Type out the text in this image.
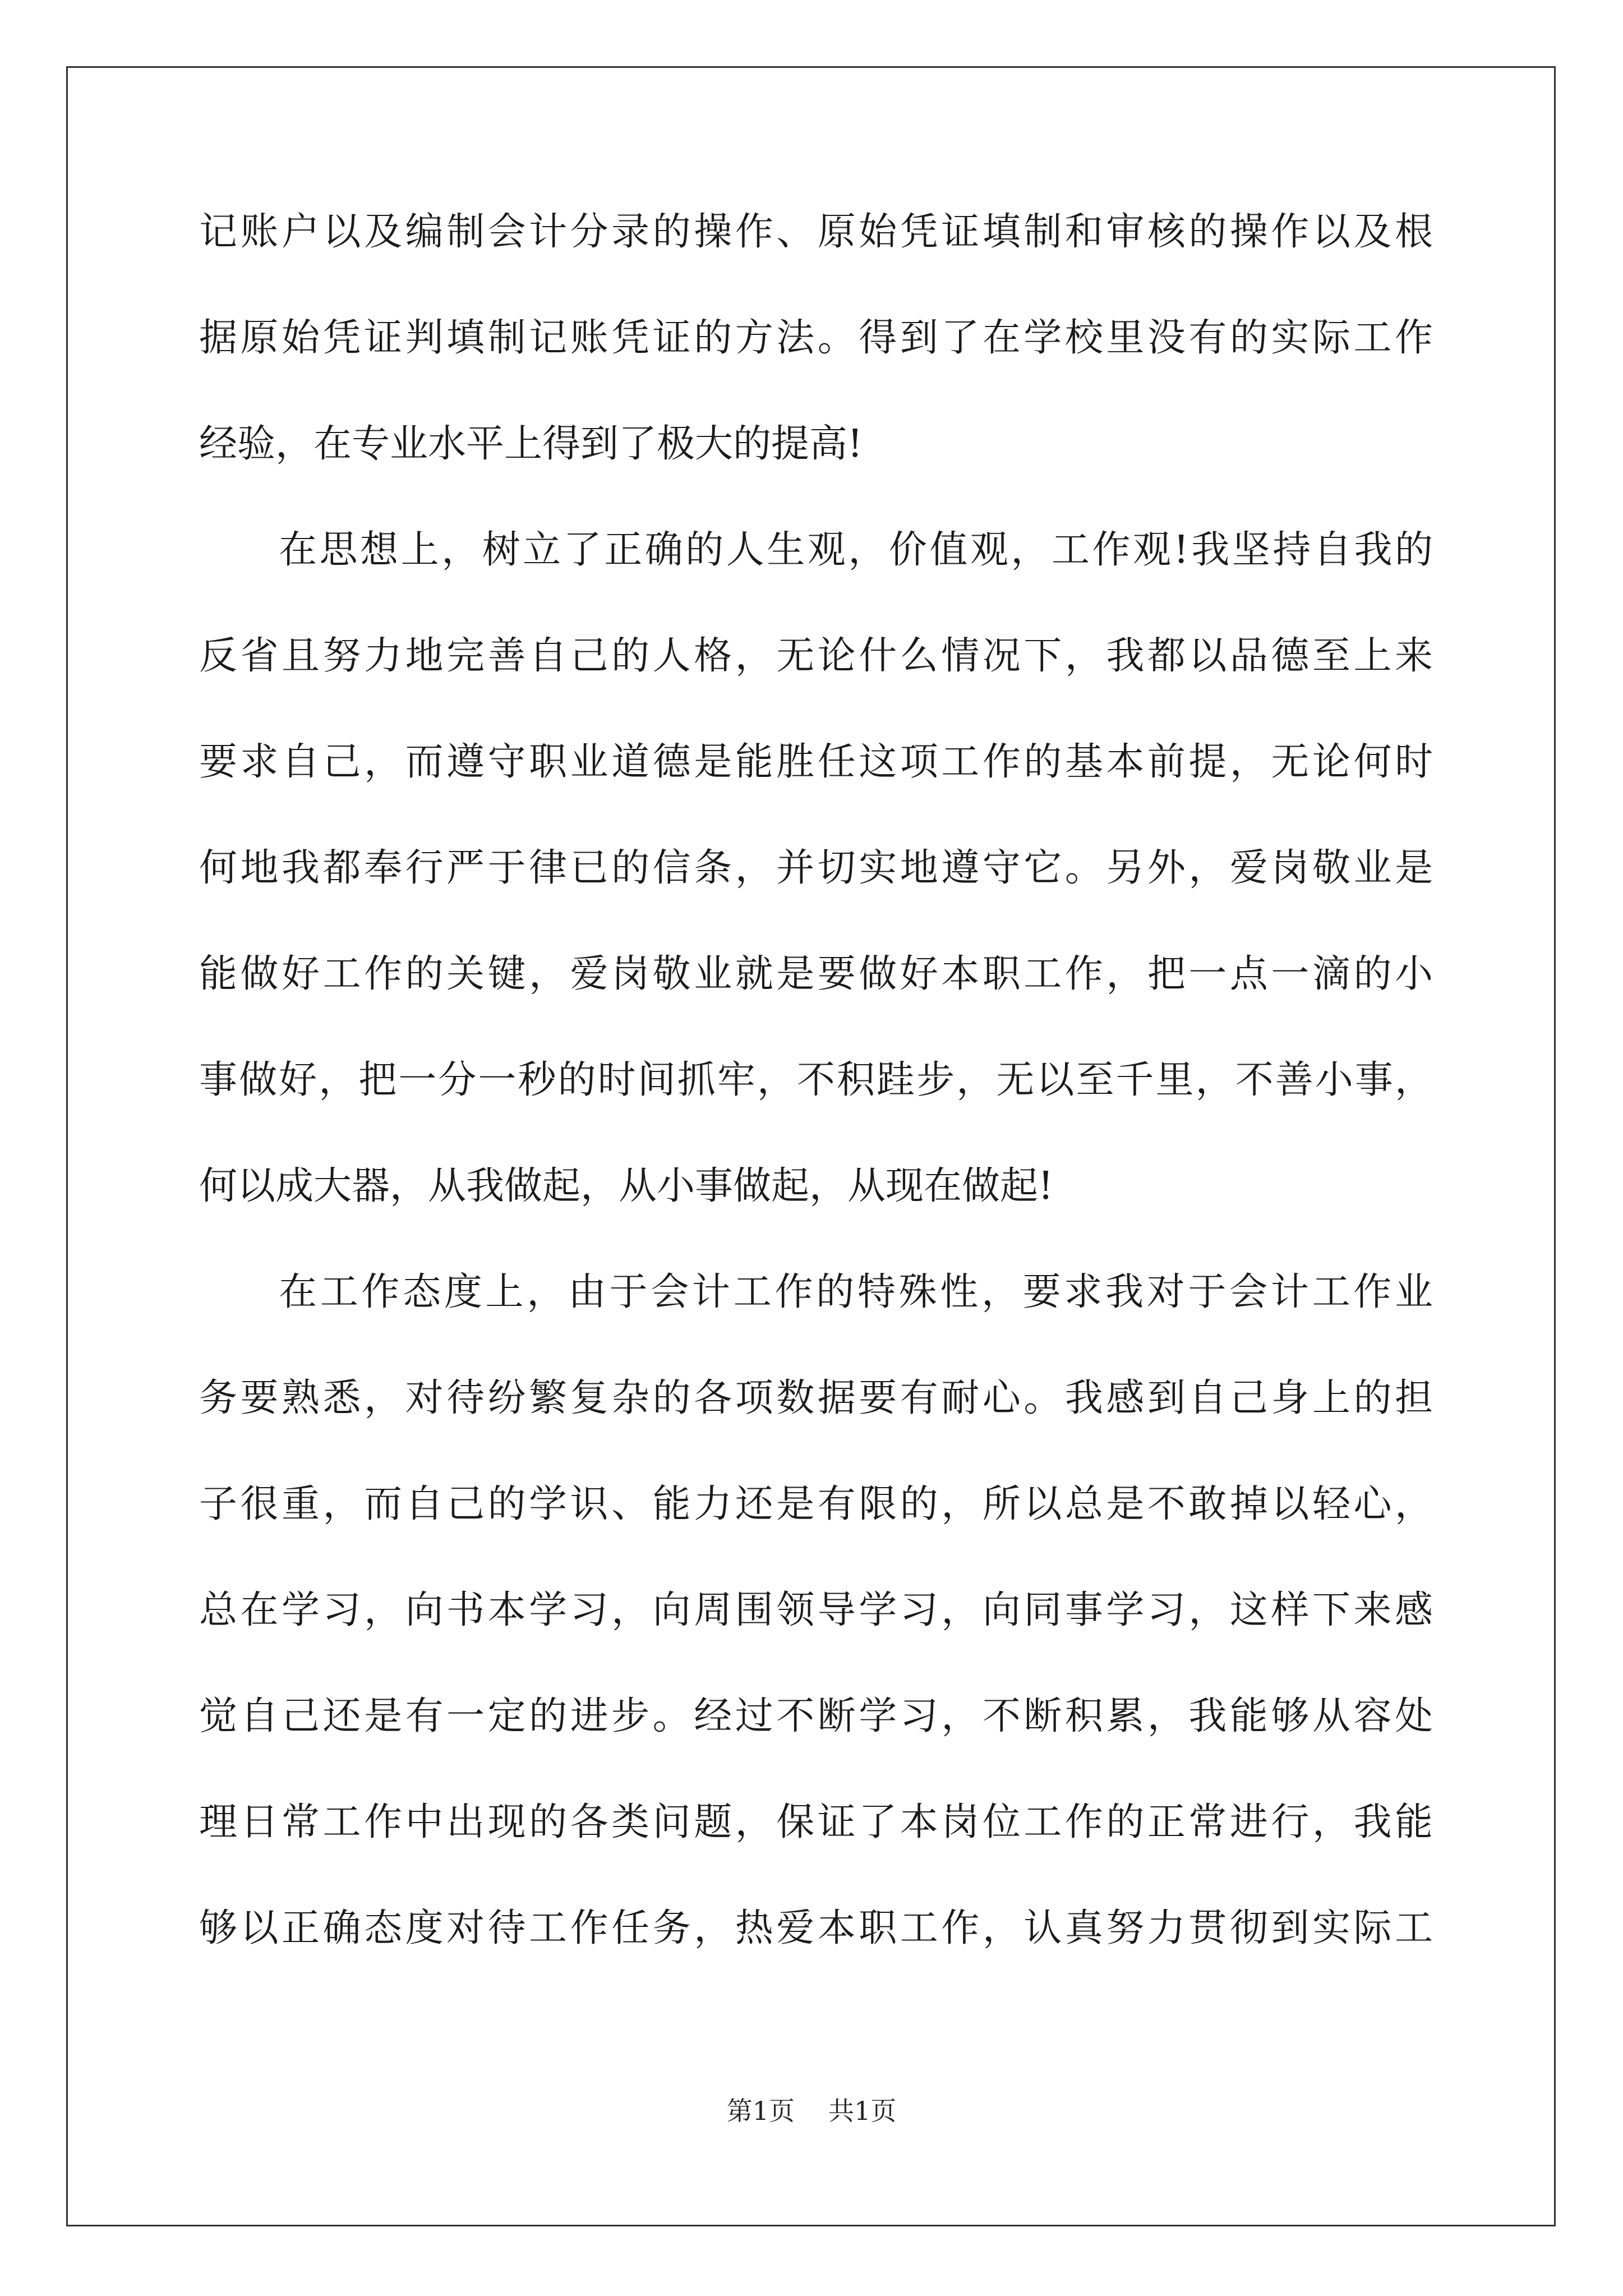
记账户以及编制会计分录的操作、原始凭证填制和审核的操作以及根
据原始凭证判填制记账凭证的方法。得到了在学校里没有的实际工作
经验，在专业水平上得到了极大的提高!
在思想上，树立了正确的人生观，价值观，工作观!我坚持自我的
反省且努力地完善自己的人格，无论什么情况下，我都以品德至上来
要求自己，而遵守职业道德是能胜任这项工作的基本前提，无论何时
何地我都奉行严于律已的信条，并切实地遵守它。另外，爱岗敬业是
能做好工作的关键，爱岗敬业就是要做好本职工作，把一点一滴的小
事做好，把一分一秒的时间抓牢，不积跬步，无以至千里，不善小事，
何以成大器，从我做起，从小事做起，从现在做起!
在工作态度上，由于会计工作的特殊性，要求我对于会计工作业
务要熟悉，对待纷繁复杂的各项数据要有耐心。我感到自己身上的担
子很重，而自己的学识、能力还是有限的，所以总是不敢掉以轻心，
总在学习，向书本学习，向周围领导学习，向同事学习，这样下来感
觉自己还是有一定的进步。经过不断学习，不断积累，我能够从容处
理日常工作中出现的各类问题，保证了本岗位工作的正常进行，我能
够以正确态度对待工作任务，热爱本职工作，认真努力贯彻到实际工
第1页 共1页
